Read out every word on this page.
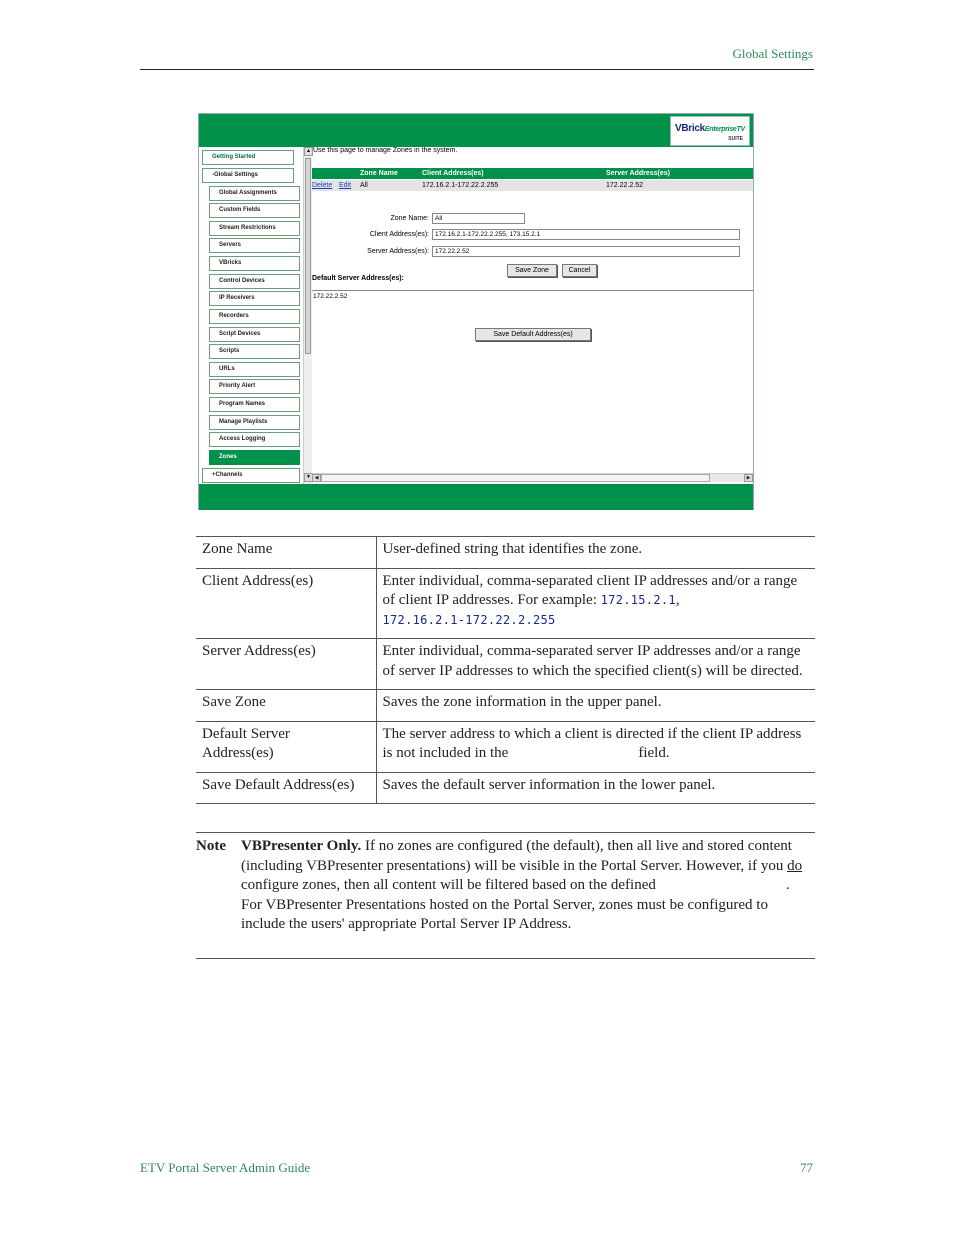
Global Settings
VBrickEnterpriseTV
SUITE
Getting Started
-Global Settings
Global Assignments
Custom Fields
Stream Restrictions
Servers
VBricks
Control Devices
IP Receivers
Recorders
Script Devices
Scripts
URLs
Priority Alert
Program Names
Manage Playlists
Access Logging
Zones
+Channels
▲
▼
Use this page to manage Zones in the system.
Zone Name	Client Address(es)	Server Address(es)
Delete Edit All	172.16.2.1-172.22.2.255	172.22.2.52
Zone Name: All
Client Address(es): 172.16.2.1-172.22.2.255, 173.15.2.1
Server Address(es): 172.22.2.52
Save Zone	Cancel
Default Server Address(es):
172.22.2.52
Save Default Address(es)
◀	▶
Zone Name	User-defined string that identifies the zone.
Client Address(es)	Enter individual, comma-separated client IP addresses and/or a range of client IP addresses. For example: 172.15.2.1,
172.16.2.1-172.22.2.255
Server Address(es)	Enter individual, comma-separated server IP addresses and/or a range of server IP addresses to which the specified client(s) will be directed.
Save Zone	Saves the zone information in the upper panel.
Default Server Address(es)	The server address to which a client is directed if the client IP address is not included in the field.
Save Default Address(es)	Saves the default server information in the lower panel.
Note VBPresenter Only. If no zones are configured (the default), then all live and stored content (including VBPresenter presentations) will be visible in the Portal Server. However, if you do configure zones, then all content will be filtered based on the defined	. For VBPresenter Presentations hosted on the Portal Server, zones must be configured to include the users' appropriate Portal Server IP Address.
ETV Portal Server Admin Guide	77
